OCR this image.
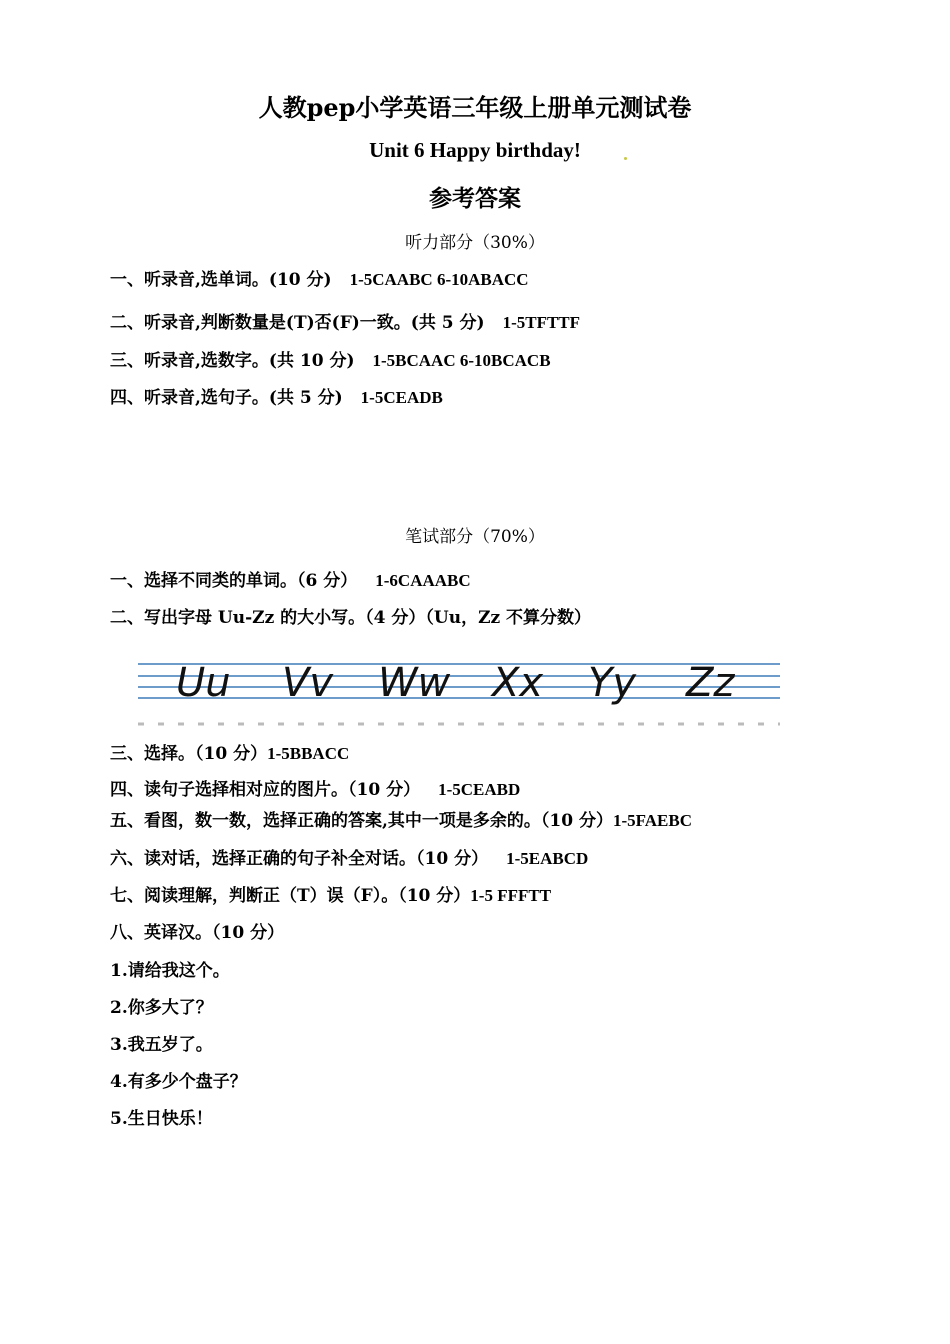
人教pep小学英语三年级上册单元测试卷
Unit 6 Happy birthday!
参考答案
听力部分（30%）
一、听录音,选单词。(10 分) 1-5CAABC 6-10ABACC
二、听录音,判断数量是(T)否(F)一致。(共 5 分) 1-5TFTTF
三、听录音,选数字。(共 10 分) 1-5BCAAC 6-10BCACB
四、听录音,选句子。(共 5 分) 1-5CEADB
笔试部分（70%）
一、选择不同类的单词。（6 分） 1-6CAAABC
二、写出字母 Uu-Zz 的大小写。（4 分）（Uu，Zz 不算分数）
Uu Vv Ww Xx Yy Zz
三、选择。（10 分）1-5BBACC
四、读句子选择相对应的图片。（10 分） 1-5CEABD
五、看图，数一数，选择正确的答案,其中一项是多余的。（10 分）1-5FAEBC
六、读对话，选择正确的句子补全对话。（10 分） 1-5EABCD
七、阅读理解，判断正（T）误（F）。（10 分）1-5 FFFTT
八、英译汉。（10 分）
1.请给我这个。
2.你多大了？
3.我五岁了。
4.有多少个盘子？
5.生日快乐！
